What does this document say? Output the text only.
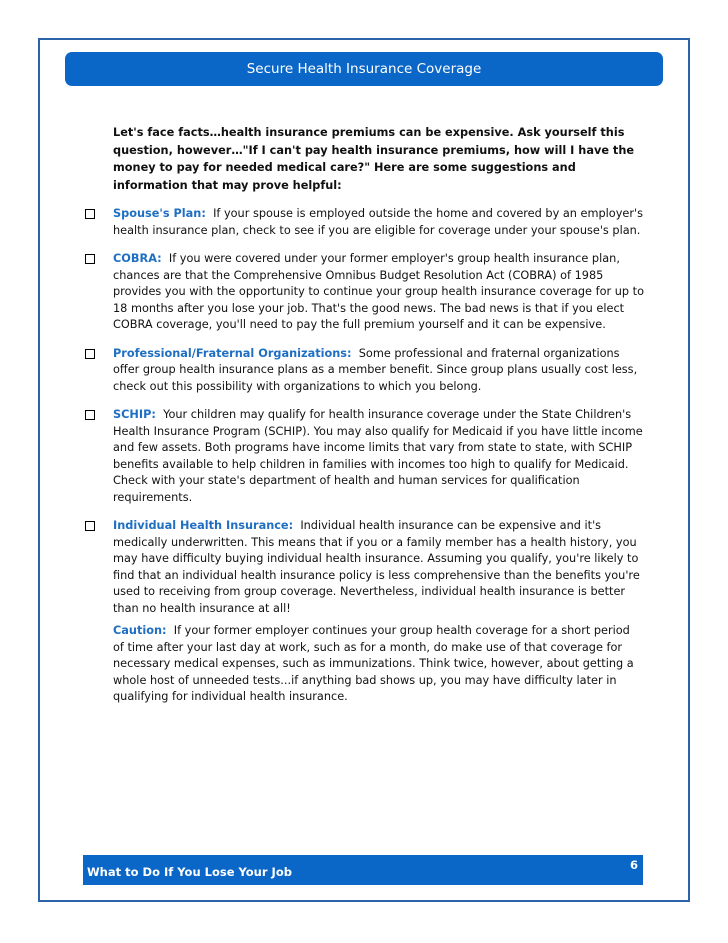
Secure Health Insurance Coverage
Let's face facts…health insurance premiums can be expensive. Ask yourself this question, however…"If I can't pay health insurance premiums, how will I have the money to pay for needed medical care?" Here are some suggestions and information that may prove helpful:
Spouse's Plan: If your spouse is employed outside the home and covered by an employer's health insurance plan, check to see if you are eligible for coverage under your spouse's plan.
COBRA: If you were covered under your former employer's group health insurance plan, chances are that the Comprehensive Omnibus Budget Resolution Act (COBRA) of 1985 provides you with the opportunity to continue your group health insurance coverage for up to 18 months after you lose your job. That's the good news. The bad news is that if you elect COBRA coverage, you'll need to pay the full premium yourself and it can be expensive.
Professional/Fraternal Organizations: Some professional and fraternal organizations offer group health insurance plans as a member benefit. Since group plans usually cost less, check out this possibility with organizations to which you belong.
SCHIP: Your children may qualify for health insurance coverage under the State Children's Health Insurance Program (SCHIP). You may also qualify for Medicaid if you have little income and few assets. Both programs have income limits that vary from state to state, with SCHIP benefits available to help children in families with incomes too high to qualify for Medicaid. Check with your state's department of health and human services for qualification requirements.
Individual Health Insurance: Individual health insurance can be expensive and it's medically underwritten. This means that if you or a family member has a health history, you may have difficulty buying individual health insurance. Assuming you qualify, you're likely to find that an individual health insurance policy is less comprehensive than the benefits you're used to receiving from group coverage. Nevertheless, individual health insurance is better than no health insurance at all!
Caution: If your former employer continues your group health coverage for a short period of time after your last day at work, such as for a month, do make use of that coverage for necessary medical expenses, such as immunizations. Think twice, however, about getting a whole host of unneeded tests...if anything bad shows up, you may have difficulty later in qualifying for individual health insurance.
What to Do If You Lose Your Job	6
